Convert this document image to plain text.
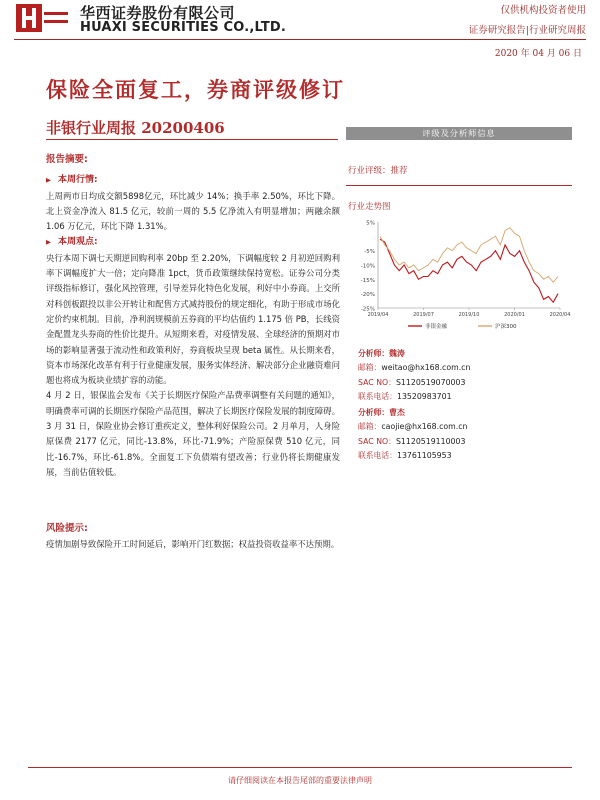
华西证券股份有限公司
HUAXI SECURITIES CO.,LTD.
仅供机构投资者使用
证券研究报告|行业研究周报
2020 年 04 月 06 日
保险全面复工，券商评级修订
非银行业周报 20200406
报告摘要:
▶ 本周行情:
上周两市日均成交额5898亿元，环比减少 14%；换手率 2.50%，环比下降。北上资金净流入 81.5 亿元，较前一周的 5.5 亿净流入有明显增加；两融余额 1.06 万亿元，环比下降 1.31%。
▶ 本周观点:
央行本周下调七天期逆回购利率 20bp 至 2.20%，下调幅度较 2 月初逆回购利率下调幅度扩大一倍；定向降准 1pct，货币政策继续保持宽松。证券公司分类评级指标修订，强化风控管理，引导差异化特色化发展，利好中小券商。上交所对科创板跟投以非公开转让和配售方式减持股份的规定细化，有助于形成市场化定价约束机制。目前，净利润规模前五券商的平均估值约 1.175 倍 PB，长线资金配置龙头券商的性价比提升。从短期来看，对疫情发展、全球经济的预期对市场的影响显著强于流动性和政策利好，券商板块呈现 beta 属性。从长期来看，资本市场深化改革有利于行业健康发展，服务实体经济、解决部分企业融资难问题也将成为板块业绩扩容的动能。
4 月 2 日，银保监会发布《关于长期医疗保险产品费率调整有关问题的通知》，明确费率可调的长期医疗保险产品范围，解决了长期医疗保险发展的制度障碍。3 月 31 日，保险业协会修订重疾定义，整体利好保险公司。2 月单月，人身险原保费 2177 亿元，同比-13.8%，环比-71.9%；产险原保费 510 亿元，同比-16.7%，环比-61.8%。全面复工下负债端有望改善；行业仍将长期健康发展，当前估值较低。
风险提示:
疫情加剧导致保险开工时间延后，影响开门红数据；权益投资收益率不达预期。
评级及分析师信息
行业评级：推荐
行业走势图
5%
-5%
-10%
-15%
-20%
-25%
2019/04	2019/07	2019/10	2020/01	2020/04
非银金融	沪深300
分析师：魏涛
邮箱：weitao@hx168.com.cn
SAC NO：S1120519070003
联系电话：13520983701
分析师：曹杰
邮箱：caojie@hx168.com.cn
SAC NO：S1120519110003
联系电话：13761105953
请仔细阅读在本报告尾部的重要法律声明
